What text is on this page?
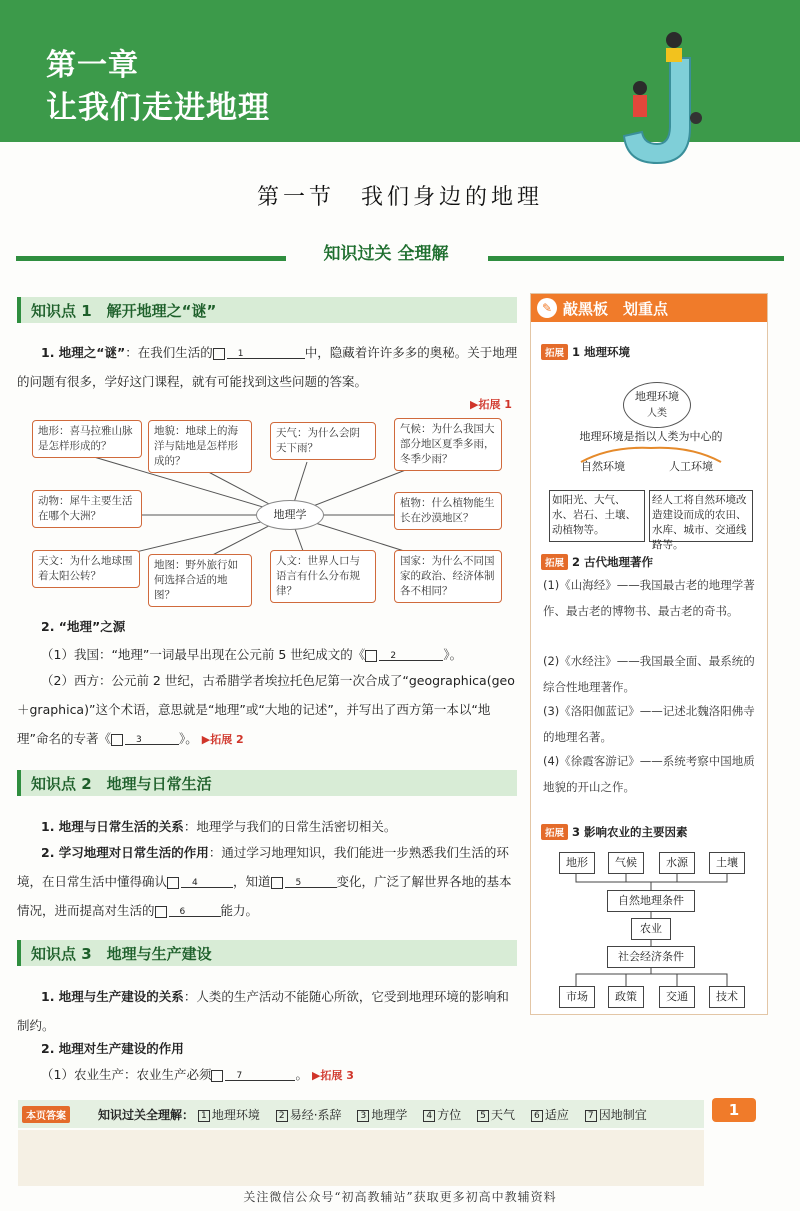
第一章
让我们走进地理
第一节　我们身边的地理
知识过关 全理解
知识点 1　解开地理之“谜”
1. 地理之“谜”：在我们生活的	1	中，隐藏着许许多多的奥秘。关于地理的问题有很多，学好这门课程，就有可能找到这些问题的答案。
▶拓展 1
地形：喜马拉雅山脉是怎样形成的？
地貌：地球上的海洋与陆地是怎样形成的？
天气：为什么会阴天下雨？
气候：为什么我国大部分地区夏季多雨，冬季少雨？
动物：犀牛主要生活在哪个大洲？
植物：什么植物能生长在沙漠地区？
天文：为什么地球围着太阳公转？
地图：野外旅行如何选择合适的地图？
人文：世界人口与语言有什么分布规律？
国家：为什么不同国家的政治、经济体制各不相同？
地理学
2. “地理”之源
（1）我国：“地理”一词最早出现在公元前 5 世纪成文的《	2	》。
（2）西方：公元前 2 世纪，古希腊学者埃拉托色尼第一次合成了“geographica(geo＋graphica)”这个术语，意思就是“地理”或“大地的记述”，并写出了西方第一本以“地理”命名的专著《	3	》。 ▶拓展 2
知识点 2　地理与日常生活
1. 地理与日常生活的关系：地理学与我们的日常生活密切相关。
2. 学习地理对日常生活的作用：通过学习地理知识，我们能进一步熟悉我们生活的环境，在日常生活中懂得确认	4	，知道	5	变化，广泛了解世界各地的基本情况，进而提高对生活的	6	能力。
知识点 3　地理与生产建设
1. 地理与生产建设的关系：人类的生产活动不能随心所欲，它受到地理环境的影响和制约。
2. 地理对生产建设的作用
（1）农业生产：农业生产必须	7	。 ▶拓展 3
✎ 敲黑板　划重点
拓展 1 地理环境
地理环境
人类
地理环境是指以人类为中心的
自然环境	人工环境
如阳光、大气、水、岩石、土壤、动植物等。
经人工将自然环境改造建设而成的农田、水库、城市、交通线路等。
拓展 2 古代地理著作
(1)《山海经》——我国最古老的地理学著作、最古老的博物书、最古老的奇书。
(2)《水经注》——我国最全面、最系统的综合性地理著作。
(3)《洛阳伽蓝记》——记述北魏洛阳佛寺的地理名著。
(4)《徐霞客游记》——系统考察中国地质地貌的开山之作。
拓展 3 影响农业的主要因素
地形	气候	水源	土壤
自然地理条件
农业
社会经济条件
市场	政策	交通	技术
本页答案	知识过关全理解： 1 地理环境　 2 易经·系辞　 3 地理学　 4 方位　 5 天气　 6 适应　 7 因地制宜	1
关注微信公众号“初高教辅站”获取更多初高中教辅资料
